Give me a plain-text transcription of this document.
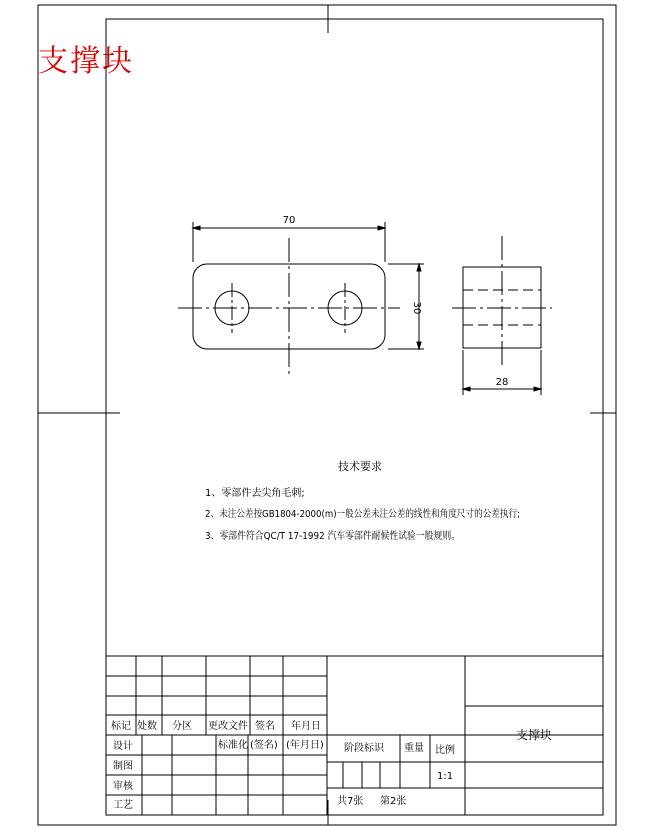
支撑块
70
30
28
技术要求
1、零部件去尖角毛刺;
2、未注公差按GB1804-2000(m)一般公差未注公差的线性和角度尺寸的公差执行;
3、零部件符合QC/T 17-1992 汽车零部件耐候性试验一般规则。
标记 处数 分区 更改文件 签名 年月日
设计
制图
审核
工艺
标准化 (签名) (年月日) 阶段标识 重量 比例
1:1
共7张 第2张
支撑块
